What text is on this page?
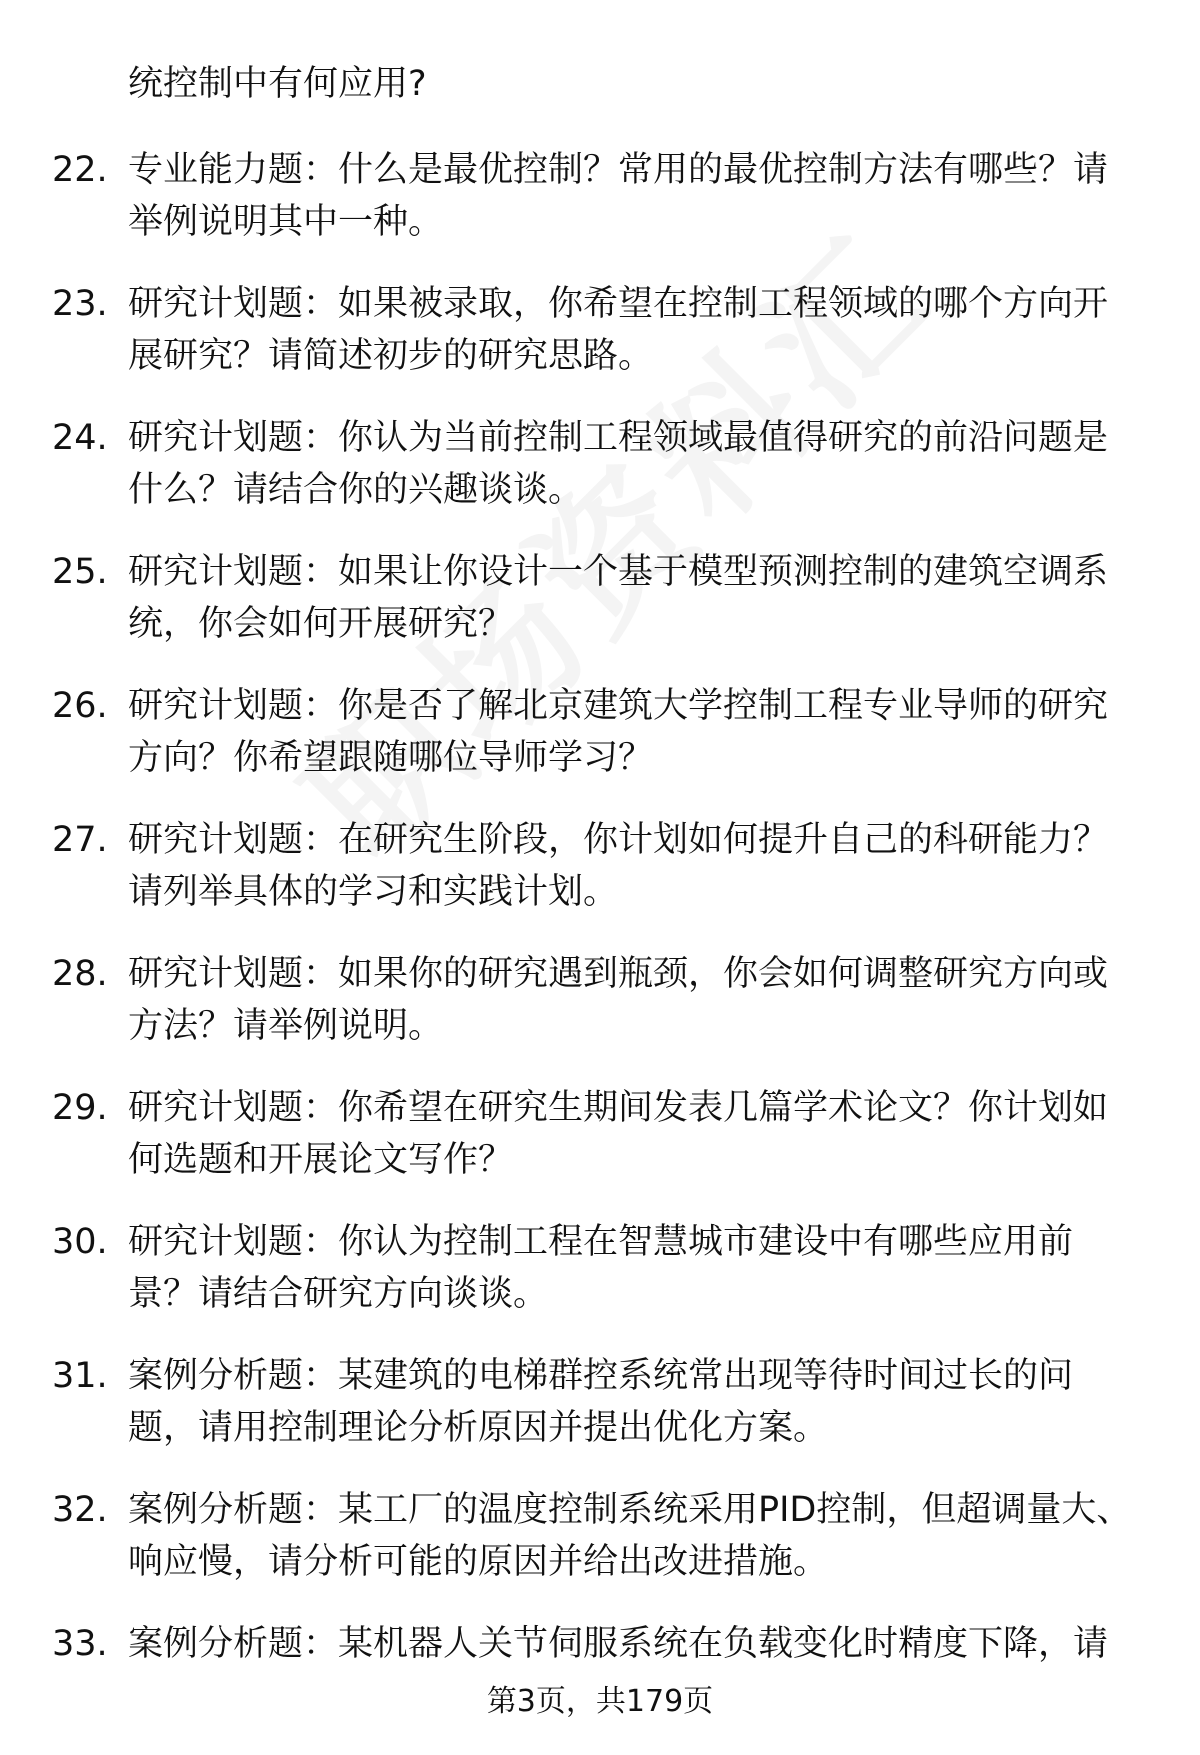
统控制中有何应用?

22. 专业能力题：什么是最优控制？常用的最优控制方法有哪些？请举例说明其中一种。
23. 研究计划题：如果被录取，你希望在控制工程领域的哪个方向开展研究？请简述初步的研究思路。
24. 研究计划题：你认为当前控制工程领域最值得研究的前沿问题是什么？请结合你的兴趣谈谈。
25. 研究计划题：如果让你设计一个基于模型预测控制的建筑空调系统，你会如何开展研究？
26. 研究计划题：你是否了解北京建筑大学控制工程专业导师的研究方向？你希望跟随哪位导师学习？
27. 研究计划题：在研究生阶段，你计划如何提升自己的科研能力？请列举具体的学习和实践计划。
28. 研究计划题：如果你的研究遇到瓶颈，你会如何调整研究方向或方法？请举例说明。
29. 研究计划题：你希望在研究生期间发表几篇学术论文？你计划如何选题和开展论文写作？
30. 研究计划题：你认为控制工程在智慧城市建设中有哪些应用前景？请结合研究方向谈谈。
31. 案例分析题：某建筑的电梯群控系统常出现等待时间过长的问题，请用控制理论分析原因并提出优化方案。
32. 案例分析题：某工厂的温度控制系统采用PID控制，但超调量大、响应慢，请分析可能的原因并给出改进措施。
33. 案例分析题：某机器人关节伺服系统在负载变化时精度下降，请
第3页，共179页
